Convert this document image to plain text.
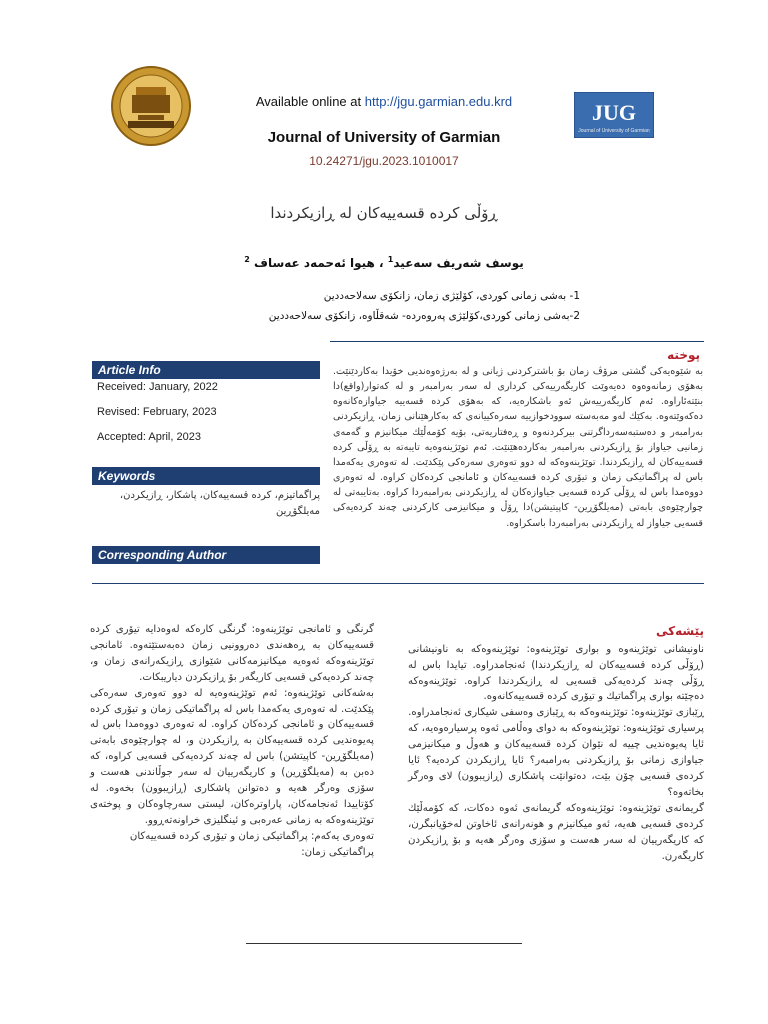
Available online at http://jgu.garmian.edu.krd
Journal of University of Garmian
10.24271/jgu.2023.1010017
JUG
Journal of University of Garmian
ڕۆڵی کردە قسەییەکان لە ڕازیکردندا
یوسف شەریف سەعید$^1$ ، هیوا ئەحمەد عەساف $^2$
1- بەشی زمانی کوردی، کۆلێژی زمان، زانکۆی سەلاحەددین
2-بەشی زمانی کوردی،کۆلێژی پەروەردە- شەقڵاوە، زانکۆی سەلاحەددین
Article Info
Received: January, 2022
Revised: February, 2023
Accepted: April, 2023
Keywords
پراگماتیزم، کردە قسەییەکان، پاشکار، ڕازیکردن، مەیلگۆڕین
Corresponding Author
پوختە
بە شێوەیەکی گشتی مرۆڤ زمان بۆ باشترکردنی ژیانی و لە بەرژەوەندیی خۆیدا بەکاردێنێت. بەهۆی زمانەوەوە دەیەوێت کاریگەرییەکی کرداری لە سەر بەرامبەر و لە کەتوار(واقع)دا بنێتەئاراوە. ئەم کاریگەرییەش ئەو باشکارەیە، کە بەهۆی کردە قسەییە جیاوازەکانەوە دەکەوێتەوە. بەکێك لەو مەبەستە سوودخوازییە سەرەکییانەی کە بەکارهێنانی زمان، ڕازیکردنی بەرامبەر و دەستبەسەرداگرتنی بیرکردنەوە و ڕەفتاریەتی، بۆیە کۆمەڵێك میکانیزم و گەمەی زمانیی جیاواز بۆ ڕازیکردنی بەرامبەر بەکاردەهێنێت. ئەم توێژینەوەیە تایبەتە بە ڕۆڵی کردە قسەییەکان لە ڕازیکردندا. توێژینەوەکە لە دوو تەوەری سەرەکی پێکدێت. لە تەوەری یەکەمدا باس لە پراگماتیکی زمان و تیۆری کردە قسەییەکان و ئامانجی کردەکان کراوە. لە تەوەری دووەمدا باس لە ڕۆڵی کردە قسەیی جیاوازەکان لە ڕازیکردنی بەرامبەردا کراوە. بەتایبەتی لە چوارچێوەی بابەتی (مەیلگۆڕین- کاپیتیشن)دا ڕۆڵ و میکانیزمی کارکردنی چەند کردەیەکی قسەیی جیاواز لە ڕازیکردنی بەرامبەردا باسکراوە.
پێشەکی

ناونیشانی توێژینەوە و بواری توێژینەوە: توێژینەوەکە بە ناونیشانی (ڕۆڵی کردە قسەییەکان لە ڕازیکردندا) ئەنجامدراوە. تیایدا باس لە ڕۆڵی چەند کردەیەکی قسەیی لە ڕازیکردندا کراوە. توێژینەوەکە دەچێتە بواری پراگماتیك و تیۆری کردە قسەییەکانەوە.

ڕێبازی توێژینەوە: توێژینەوەکە بە ڕێبازی وەسفی شیکاری ئەنجامدراوە.

پرسیاری توێژینەوە: توێژینەوەکە بە دوای وەڵامی ئەوە پرسیارەوەیە، کە ئایا پەیوەندیی چییە لە نێوان کردە قسەییەکان و هەوڵ و میکانیزمی جیاوازی زمانی بۆ ڕازیکردنی بەرامبەر؟ ئایا ڕازیکردن کردەیە؟ ئایا کردەی قسەیی چۆن بێت، دەتوانێت پاشکاری (ڕازیبوون) لای وەرگر بخاتەوە؟

گریمانەی توێژینەوە: توێژینەوەکە گریمانەی ئەوە دەکات، کە کۆمەڵێك کردەی قسەیی هەیە، ئەو میکانیزم و هونەرانەی ئاخاوتن لەخۆیانبگرن، کە کاریگەرییان لە سەر هەست و سۆزی وەرگر هەیە و بۆ ڕازیکردن کاریگەرن.

گرنگی و ئامانجی توێژینەوە: گرنگی کارەکە لەوەدایە تیۆری کردە قسەییەکان بە ڕەهەندی دەروونیی زمان دەبەستێتەوە. ئامانجی توێژینەوەکە ئەوەیە میکانیزمەکانی شێوازی ڕازیکەرانەی زمان و، چەند کردەیەکی قسەیی کاریگەر بۆ ڕازیکردن دیاریبکات.

بەشەکانی توێژینەوە: ئەم توێژینەوەیە لە دوو تەوەری سەرەکی پێکدێت. لە تەوەری یەکەمدا باس لە پراگماتیکی زمان و تیۆری کردە قسەییەکان و ئامانجی کردەکان کراوە. لە تەوەری دووەمدا باس لە پەیوەندیی کردە قسەییەکان بە ڕازیکردن و، لە چوارچێوەی بابەتی (مەیلگۆڕین- کاپیتشن) باس لە چەند کردەیەکی قسەیی کراوە، کە دەبن بە (مەیلگۆڕین) و کاریگەرییان لە سەر جوڵاندنی هەست و سۆزی وەرگر هەیە و دەتوانن پاشکاری (ڕازیبوون) بخەوە. لە کۆتاییدا ئەنجامەکان، پاراوترەکان، لیستی سەرچاوەکان و پوختەی توێژینەوەکە بە زمانی عەرەبی و ئینگلیزی خراونەتەڕوو.

تەوەری یەکەم: پراگماتیکی زمان و تیۆری کردە قسەییەکان

پراگماتیکی زمان:
